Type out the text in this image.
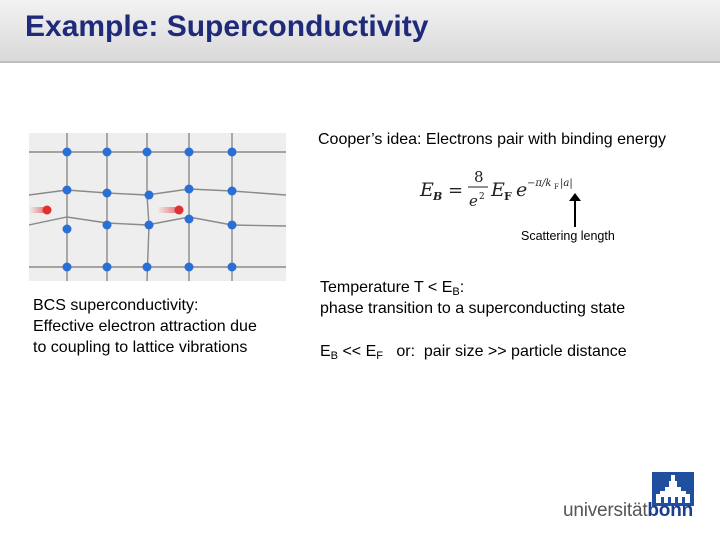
Example: Superconductivity
Cooper’s idea: Electrons pair with binding energy
E B =
8
e 2 E F e −π/k F |a|
Scattering length
BCS superconductivity:
Effective electron attraction due
to coupling to lattice vibrations
Temperature $T < E_B$:
phase transition to a superconducting state
$E_B << E_F$   or:  pair size >> particle distance
universitätbonn
